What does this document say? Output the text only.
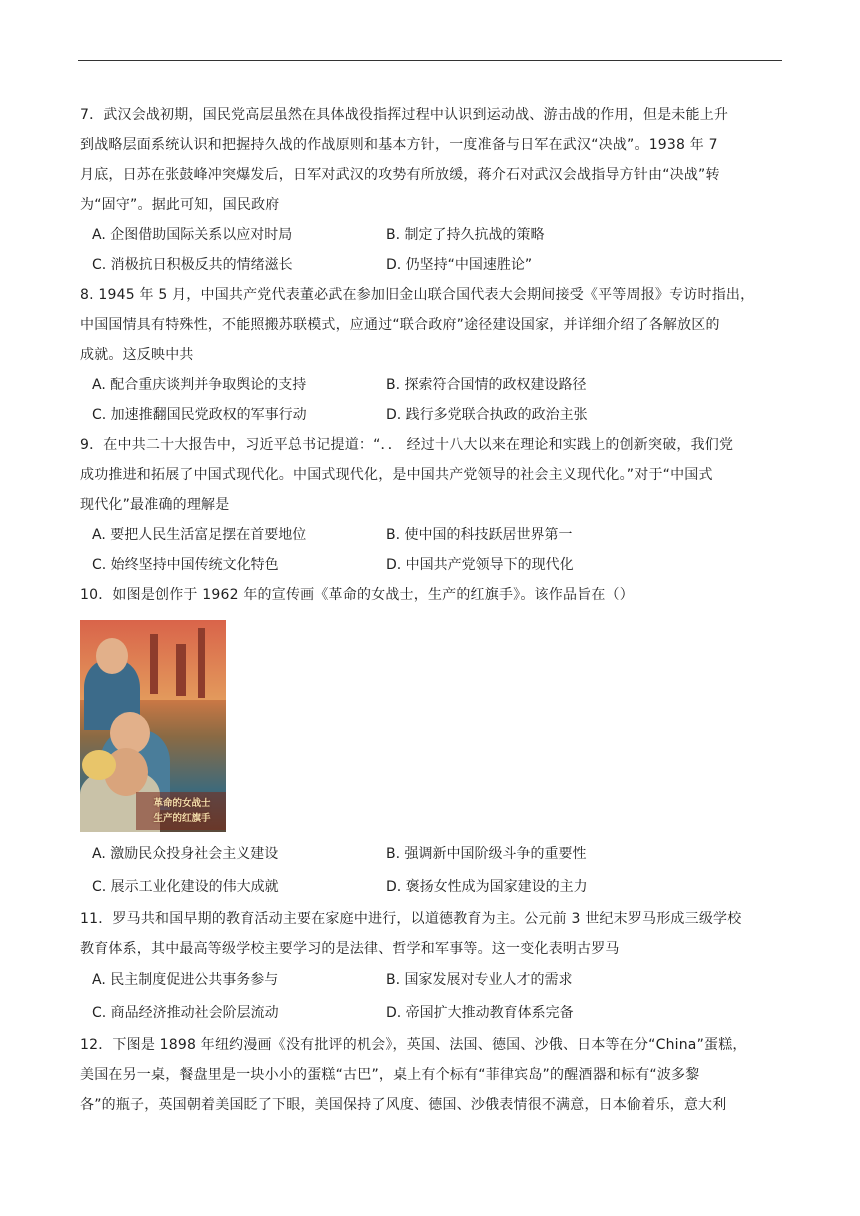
7．武汉会战初期，国民党高层虽然在具体战役指挥过程中认识到运动战、游击战的作用，但是未能上升
到战略层面系统认识和把握持久战的作战原则和基本方针，一度准备与日军在武汉“决战”。1938 年 7
月底，日苏在张鼓峰冲突爆发后，日军对武汉的攻势有所放缓，蒋介石对武汉会战指导方针由“决战”转
为“固守”。据此可知，国民政府
A. 企图借助国际关系以应对时局	B. 制定了持久抗战的策略
C. 消极抗日积极反共的情绪滋长	D. 仍坚持“中国速胜论”
8. 1945 年 5 月，中国共产党代表董必武在参加旧金山联合国代表大会期间接受《平等周报》专访时指出，
中国国情具有特殊性，不能照搬苏联模式，应通过“联合政府”途径建设国家，并详细介绍了各解放区的
成就。这反映中共
A. 配合重庆谈判并争取舆论的支持	B. 探索符合国情的政权建设路径
C. 加速推翻国民党政权的军事行动	D. 践行多党联合执政的政治主张
9．在中共二十大报告中，习近平总书记提道：“．． 经过十八大以来在理论和实践上的创新突破，我们党
成功推进和拓展了中国式现代化。中国式现代化，是中国共产党领导的社会主义现代化。”对于“中国式
现代化”最准确的理解是
A. 要把人民生活富足摆在首要地位	B. 使中国的科技跃居世界第一
C. 始终坚持中国传统文化特色	D. 中国共产党领导下的现代化
10．如图是创作于 1962 年的宣传画《革命的女战士，生产的红旗手》。该作品旨在（）
革命的女战士
生产的红旗手
A. 激励民众投身社会主义建设	B. 强调新中国阶级斗争的重要性
C. 展示工业化建设的伟大成就	D. 褒扬女性成为国家建设的主力
11．罗马共和国早期的教育活动主要在家庭中进行，以道德教育为主。公元前 3 世纪末罗马形成三级学校
教育体系，其中最高等级学校主要学习的是法律、哲学和军事等。这一变化表明古罗马
A. 民主制度促进公共事务参与	B. 国家发展对专业人才的需求
C. 商品经济推动社会阶层流动	D. 帝国扩大推动教育体系完备
12．下图是 1898 年纽约漫画《没有批评的机会》，英国、法国、德国、沙俄、日本等在分“China”蛋糕，
美国在另一桌，餐盘里是一块小小的蛋糕“古巴”，桌上有个标有“菲律宾岛”的醒酒器和标有“波多黎
各”的瓶子，英国朝着美国眨了下眼，美国保持了风度、德国、沙俄表情很不满意，日本偷着乐，意大利
